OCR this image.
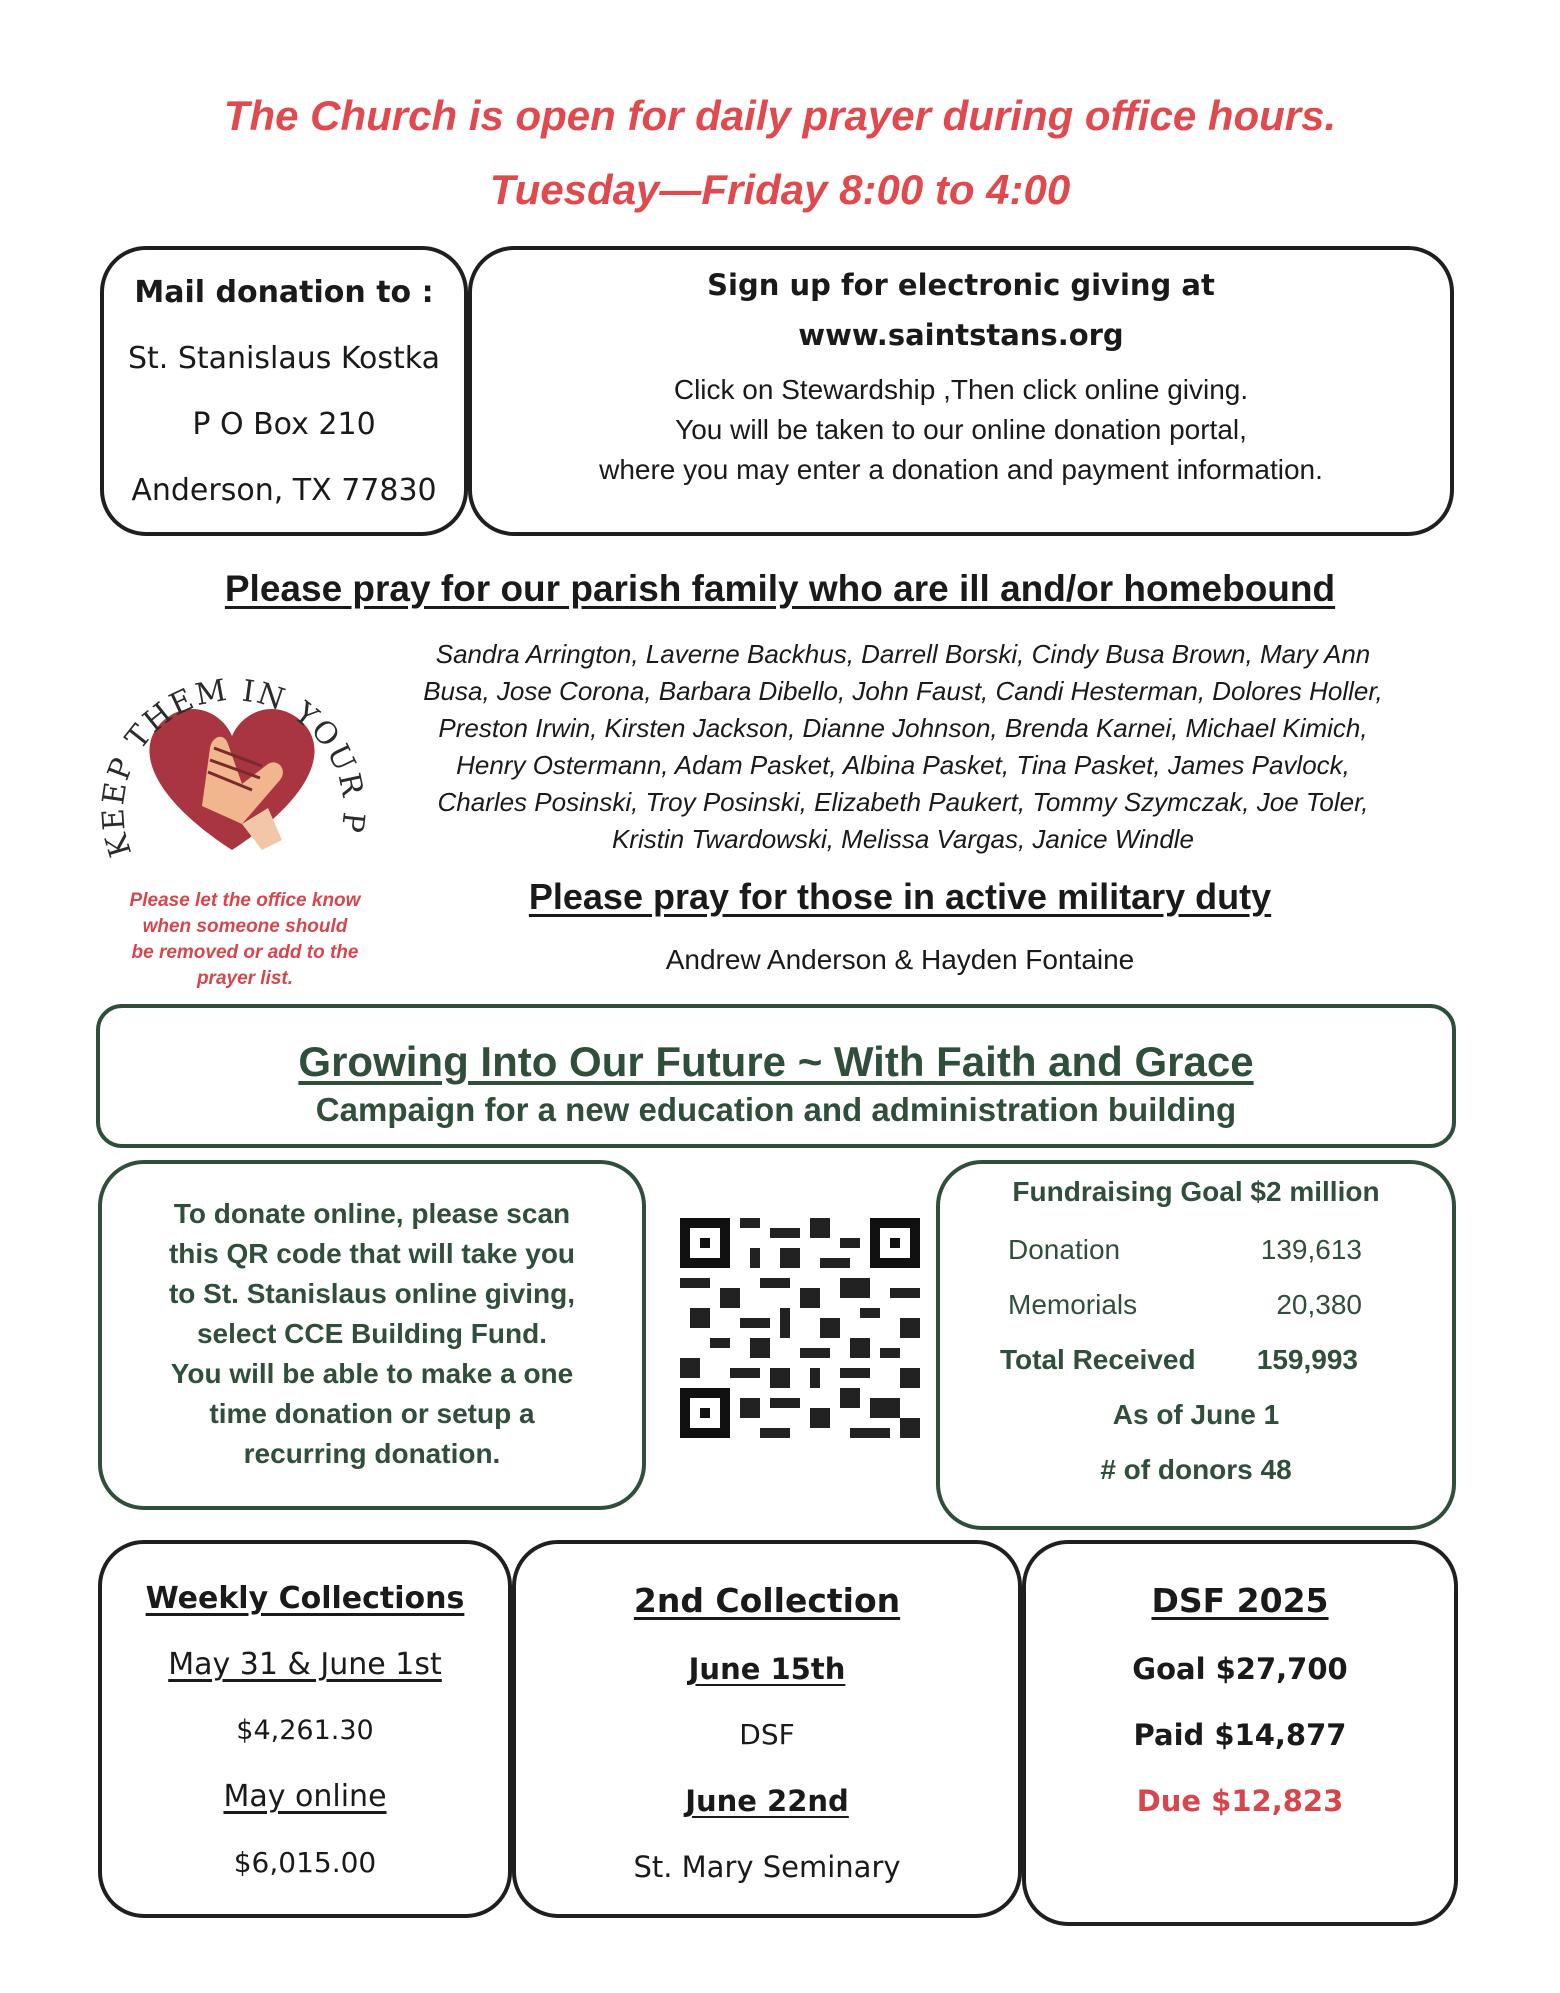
The Church is open for daily prayer during office hours.
Tuesday—Friday 8:00 to 4:00
Mail donation to :
St. Stanislaus Kostka
P O Box 210
Anderson, TX 77830
Sign up for electronic giving at
www.saintstans.org
Click on Stewardship ,Then click online giving.
You will be taken to our online donation portal,
where you may enter a donation and payment information.
Please pray for our parish family who are ill and/or homebound
KEEP THEM IN YOUR P
Sandra Arrington, Laverne Backhus, Darrell Borski, Cindy Busa Brown, Mary Ann
Busa, Jose Corona, Barbara Dibello, John Faust, Candi Hesterman, Dolores Holler,
Preston Irwin, Kirsten Jackson, Dianne Johnson, Brenda Karnei, Michael Kimich,
Henry Ostermann, Adam Pasket, Albina Pasket, Tina Pasket, James Pavlock,
Charles Posinski, Troy Posinski, Elizabeth Paukert, Tommy Szymczak, Joe Toler,
Kristin Twardowski, Melissa Vargas, Janice Windle
Please let the office know
when someone should
be removed or add to the
prayer list.
Please pray for those in active military duty
Andrew Anderson & Hayden Fontaine
Growing Into Our Future ~ With Faith and Grace
Campaign for a new education and administration building
To donate online, please scan
this QR code that will take you
to St. Stanislaus online giving,
select CCE Building Fund.
You will be able to make a one
time donation or setup a
recurring donation.
Fundraising Goal $2 million
Donation	139,613
Memorials	20,380
Total Received 159,993
As of June 1
# of donors 48
Weekly Collections
May 31 & June 1st
$4,261.30
May online
$6,015.00
2nd Collection
June 15th
DSF
June 22nd
St. Mary Seminary
DSF 2025
Goal $27,700
Paid $14,877
Due $12,823
